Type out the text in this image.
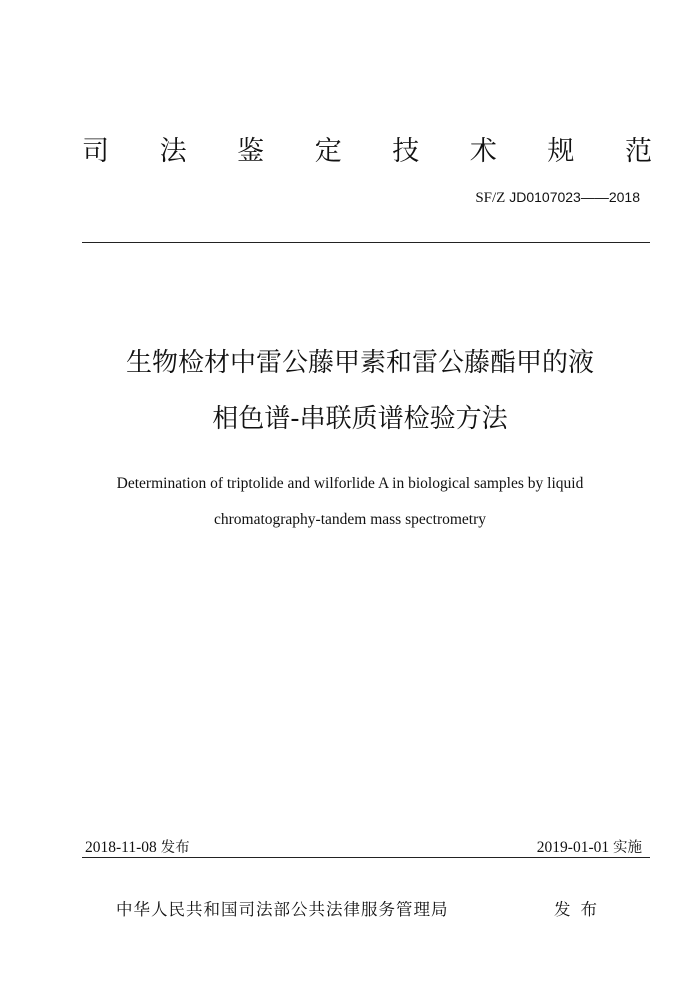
司 法 鉴 定 技 术 规 范
SF/Z JD0107023——2018
生物检材中雷公藤甲素和雷公藤酯甲的液
相色谱-串联质谱检验方法
Determination of triptolide and wilforlide A in biological samples by liquid
chromatography-tandem mass spectrometry
2018-11-08 发布	2019-01-01 实施
中华人民共和国司法部公共法律服务管理局	发布
